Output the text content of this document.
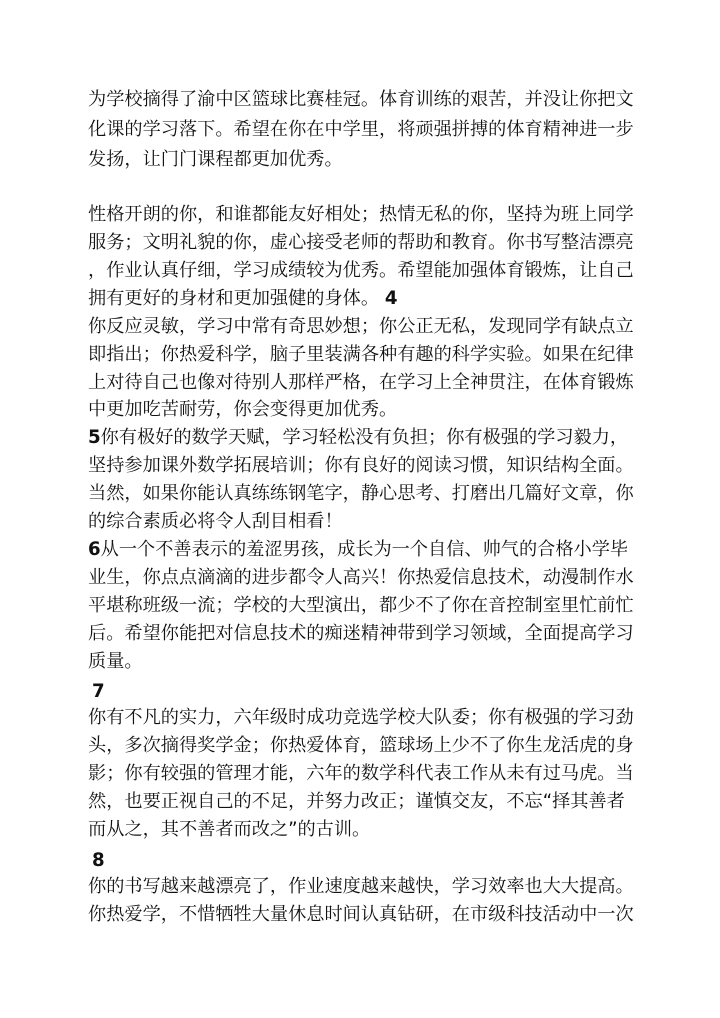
为学校摘得了渝中区篮球比赛桂冠。体育训练的艰苦，并没让你把文
化课的学习落下。希望在你在中学里，将顽强拼搏的体育精神进一步
发扬，让门门课程都更加优秀。
性格开朗的你，和谁都能友好相处；热情无私的你，坚持为班上同学
服务；文明礼貌的你，虚心接受老师的帮助和教育。你书写整洁漂亮
，作业认真仔细，学习成绩较为优秀。希望能加强体育锻炼，让自己
拥有更好的身材和更加强健的身体。 4
你反应灵敏，学习中常有奇思妙想；你公正无私，发现同学有缺点立
即指出；你热爱科学，脑子里装满各种有趣的科学实验。如果在纪律
上对待自己也像对待别人那样严格，在学习上全神贯注，在体育锻炼
中更加吃苦耐劳，你会变得更加优秀。
5你有极好的数学天赋，学习轻松没有负担；你有极强的学习毅力，
坚持参加课外数学拓展培训；你有良好的阅读习惯，知识结构全面。
当然，如果你能认真练练钢笔字，静心思考、打磨出几篇好文章，你
的综合素质必将令人刮目相看！
6从一个不善表示的羞涩男孩，成长为一个自信、帅气的合格小学毕
业生，你点点滴滴的进步都令人高兴！你热爱信息技术，动漫制作水
平堪称班级一流；学校的大型演出，都少不了你在音控制室里忙前忙
后。希望你能把对信息技术的痴迷精神带到学习领域，全面提高学习
质量。
7
你有不凡的实力，六年级时成功竞选学校大队委；你有极强的学习劲
头，多次摘得奖学金；你热爱体育，篮球场上少不了你生龙活虎的身
影；你有较强的管理才能，六年的数学科代表工作从未有过马虎。当
然，也要正视自己的不足，并努力改正；谨慎交友，不忘“择其善者
而从之，其不善者而改之”的古训。
8
你的书写越来越漂亮了，作业速度越来越快，学习效率也大大提高。
你热爱学，不惜牺牲大量休息时间认真钻研，在市级科技活动中一次
